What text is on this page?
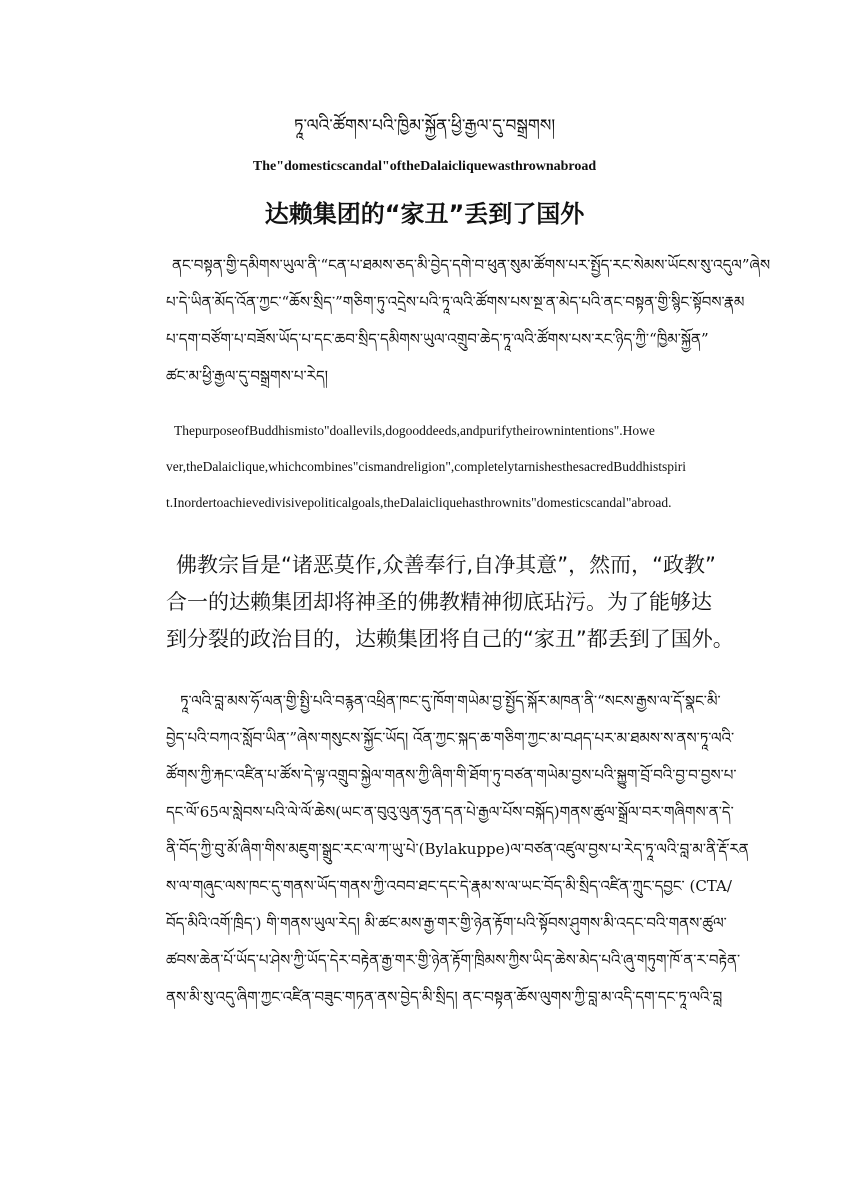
ཏཱ་ལའི་ཚོགས་པའི་ཁྱིམ་སྐྱོན་ཕྱི་རྒྱལ་དུ་བསྒྲགས།
The"domesticscandal"oftheDalaicliquewasthrownabroad
达赖集团的“家丑”丢到了国外
ནང་བསྟན་གྱི་དམིགས་ཡུལ་ནི་“ངན་པ་ཐམས་ཅད་མི་བྱེད་དགེ་བ་ཕུན་སུམ་ཚོགས་པར་སྤྱོད་རང་སེམས་ཡོངས་སུ་འདུལ”ཞེས
པ་དེ་ཡིན་མོད་འོན་ཀྱང་“ཆོས་སྲིད་”གཅིག་ཏུ་འདྲེས་པའི་ཏཱ་ལའི་ཚོགས་པས་སྔ་ན་མེད་པའི་ནང་བསྟན་གྱི་སྙིང་སྟོབས་རྣམ
པ་དག་བཙོག་པ་བཟོས་ཡོད་པ་དང་ཆབ་སྲིད་དམིགས་ཡུལ་འགྲུབ་ཆེད་ཏཱ་ལའི་ཚོགས་པས་རང་ཉིད་ཀྱི་“ཁྱིམ་སྐྱོན”
ཚང་མ་ཕྱི་རྒྱལ་དུ་བསྒྲགས་པ་རེད།
ThepurposeofBuddhismisto"doallevils,dogooddeeds,andpurifytheirownintentions".Howe
ver,theDalaiclique,whichcombines"cismandreligion",completelytarnishesthesacredBuddhistspiri
t.Inordertoachievedivisivepoliticalgoals,theDalaicliquehasthrownits"domesticscandal"abroad.
佛教宗旨是“诸恶莫作,众善奉行,自净其意”，然而，“政教”
合一的达赖集团却将神圣的佛教精神彻底玷污。为了能够达
到分裂的政治目的，达赖集团将自己的“家丑”都丢到了国外。
ཏཱ་ལའི་བླ་མས་ཧོ་ལན་གྱི་སྤྱི་པའི་བརྙན་འཕྲིན་ཁང་དུ་ཁོག་གཡེམ་བྱ་སྤྱོད་སྐོར་མཁན་ནི་“སངས་རྒྱས་ལ་དོ་སྣང་མི་
བྱེད་པའི་བཀའ་སློབ་ཡིན་”ཞེས་གསུངས་སྐྱོང་ཡོད། འོན་ཀྱང་སྐད་ཆ་གཅིག་ཀྱང་མ་བཤད་པར་མ་ཐམས་ས་ནས་ཏཱ་ལའི་
ཚོགས་ཀྱི་རྐང་འཛིན་པ་ཚོས་དེ་ལྟ་འགྲུབ་སྐྱེལ་གནས་ཀྱི་ཞིག་གི་ཐོག་ཏུ་བཙན་གཡེམ་བྱས་པའི་སྐྱུག་བྲོ་བའི་བྱ་བ་བྱས་པ་
དང་ལོ་65ལ་སླེབས་པའི་ལེ་ལོ་ཆེས(ཡང་ན་བུའུ་ལུན་ཧུན་དན་པེ་རྒྱལ་པོས་བསྐོད)གནས་ཚུལ་སྒྲོལ་བར་གཞིགས་ན་དེ་
ནི་བོད་ཀྱི་བུ་མོ་ཞིག་གིས་མཇུག་སྒྲུང་རང་ལ་ཀ་ཡུ་པེ་(Bylakuppe)ལ་བཙན་འཛུལ་བྱས་པ་རེད་ཏཱ་ལའི་བླ་མ་ནི་རྡོ་རན
ས་ལ་གཞུང་ལས་ཁང་དུ་གནས་ཡོད་གནས་ཀྱི་འབབ་ཐང་དང་དེ་རྣམ་ས་ལ་ཡང་བོད་མི་སྲིད་འཛིན་ཀྲུང་དབྱང་ (CTA/
བོད་མིའི་འགོ་ཁྲིད་) གི་གནས་ཡུལ་རེད། མི་ཚང་མས་རྒྱ་གར་གྱི་ཉེན་རྟོག་པའི་སྟོབས་ཤུགས་མི་འདང་བའི་གནས་ཚུལ་
ཚབས་ཆེན་པོ་ཡོད་པ་ཤེས་ཀྱི་ཡོད་དེར་བརྟེན་རྒྱ་གར་གྱི་ཉེན་རྟོག་ཁྲིམས་ཀྱིས་ཡིད་ཆེས་མེད་པའི་ཞུ་གཏུག་ཁོ་ན་ར་བརྟེན་
ནས་མི་སུ་འདུ་ཞིག་ཀྱང་འཛིན་བཟུང་གཏན་ནས་བྱེད་མི་སྲིད། ནང་བསྟན་ཆོས་ལུགས་ཀྱི་བླ་མ་འདི་དག་དང་ཏཱ་ལའི་བླ
